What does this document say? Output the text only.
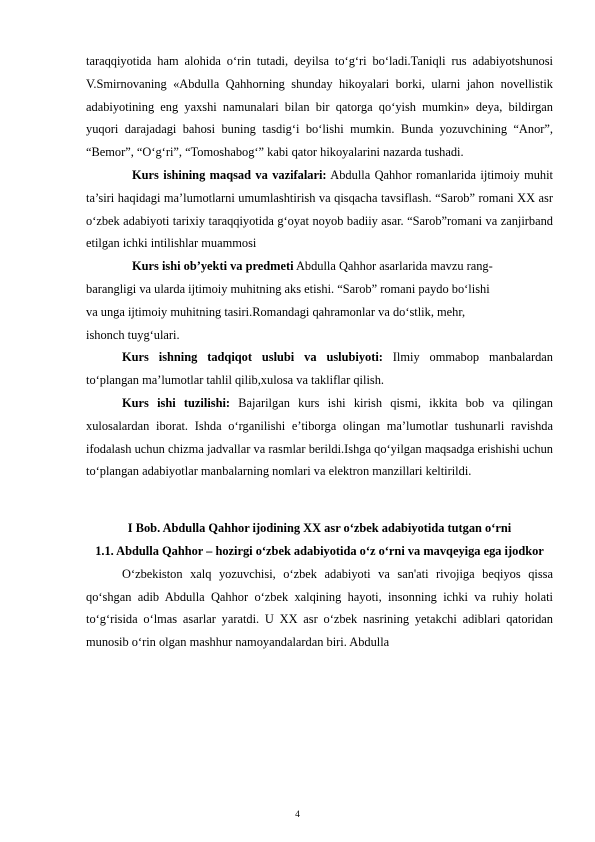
taraqqiyotida ham alohida o‘rin tutadi, deyilsa to‘g‘ri bo‘ladi.Taniqli rus adabiyotshunosi V.Smirnovaning «Abdulla Qahhorning shunday hikoyalari borki, ularni jahon novellistik adabiyotining eng yaxshi namunalari bilan bir qatorga qo‘yish mumkin» deya, bildirgan yuqori darajadagi bahosi buning tasdig‘i bo‘lishi mumkin. Bunda yozuvchining “Anor”, “Bemor”, “O‘g‘ri”, “Tomoshabog‘” kabi qator hikoyalarini nazarda tushadi.

Kurs ishining maqsad va vazifalari: Abdulla Qahhor romanlarida ijtimoiy muhit ta’siri haqidagi ma’lumotlarni umumlashtirish va qisqacha tavsiflash. “Sarob” romani XX asr o‘zbek adabiyoti tarixiy taraqqiyotida g‘oyat noyob badiiy asar. “Sarob”romani va zanjirband etilgan ichki intilishlar muammosi

Kurs ishi ob’yekti va predmeti Abdulla Qahhor asarlarida mavzu rang-

barangligi va ularda ijtimoiy muhitning aks etishi. “Sarob” romani paydo bo‘lishi

va unga ijtimoiy muhitning tasiri.Romandagi qahramonlar va do‘stlik, mehr,

ishonch tuyg‘ulari.

Kurs ishning tadqiqot uslubi va uslubiyoti: Ilmiy ommabop manbalardan to‘plangan ma’lumotlar tahlil qilib,xulosa va takliflar qilish.

Kurs ishi tuzilishi: Bajarilgan kurs ishi kirish qismi, ikkita bob va qilingan xulosalardan iborat. Ishda o‘rganilishi e’tiborga olingan ma’lumotlar tushunarli ravishda ifodalash uchun chizma jadvallar va rasmlar berildi.Ishga qo‘yilgan maqsadga erishishi uchun to‘plangan adabiyotlar manbalarning nomlari va elektron manzillari keltirildi.

I Bob. Abdulla Qahhor ijodining XX asr o‘zbek adabiyotida tutgan o‘rni

1.1. Abdulla Qahhor – hozirgi o‘zbek adabiyotida o‘z o‘rni va mavqeyiga ega ijodkor

O‘zbekiston xalq yozuvchisi, o‘zbek adabiyoti va san'ati rivojiga beqiyos qissa qo‘shgan adib Abdulla Qahhor o‘zbek xalqining hayoti, insonning ichki va ruhiy holati to‘g‘risida o‘lmas asarlar yaratdi. U XX asr o‘zbek nasrining yetakchi adiblari qatoridan munosib o‘rin olgan mashhur namoyandalardan biri. Abdulla

4
